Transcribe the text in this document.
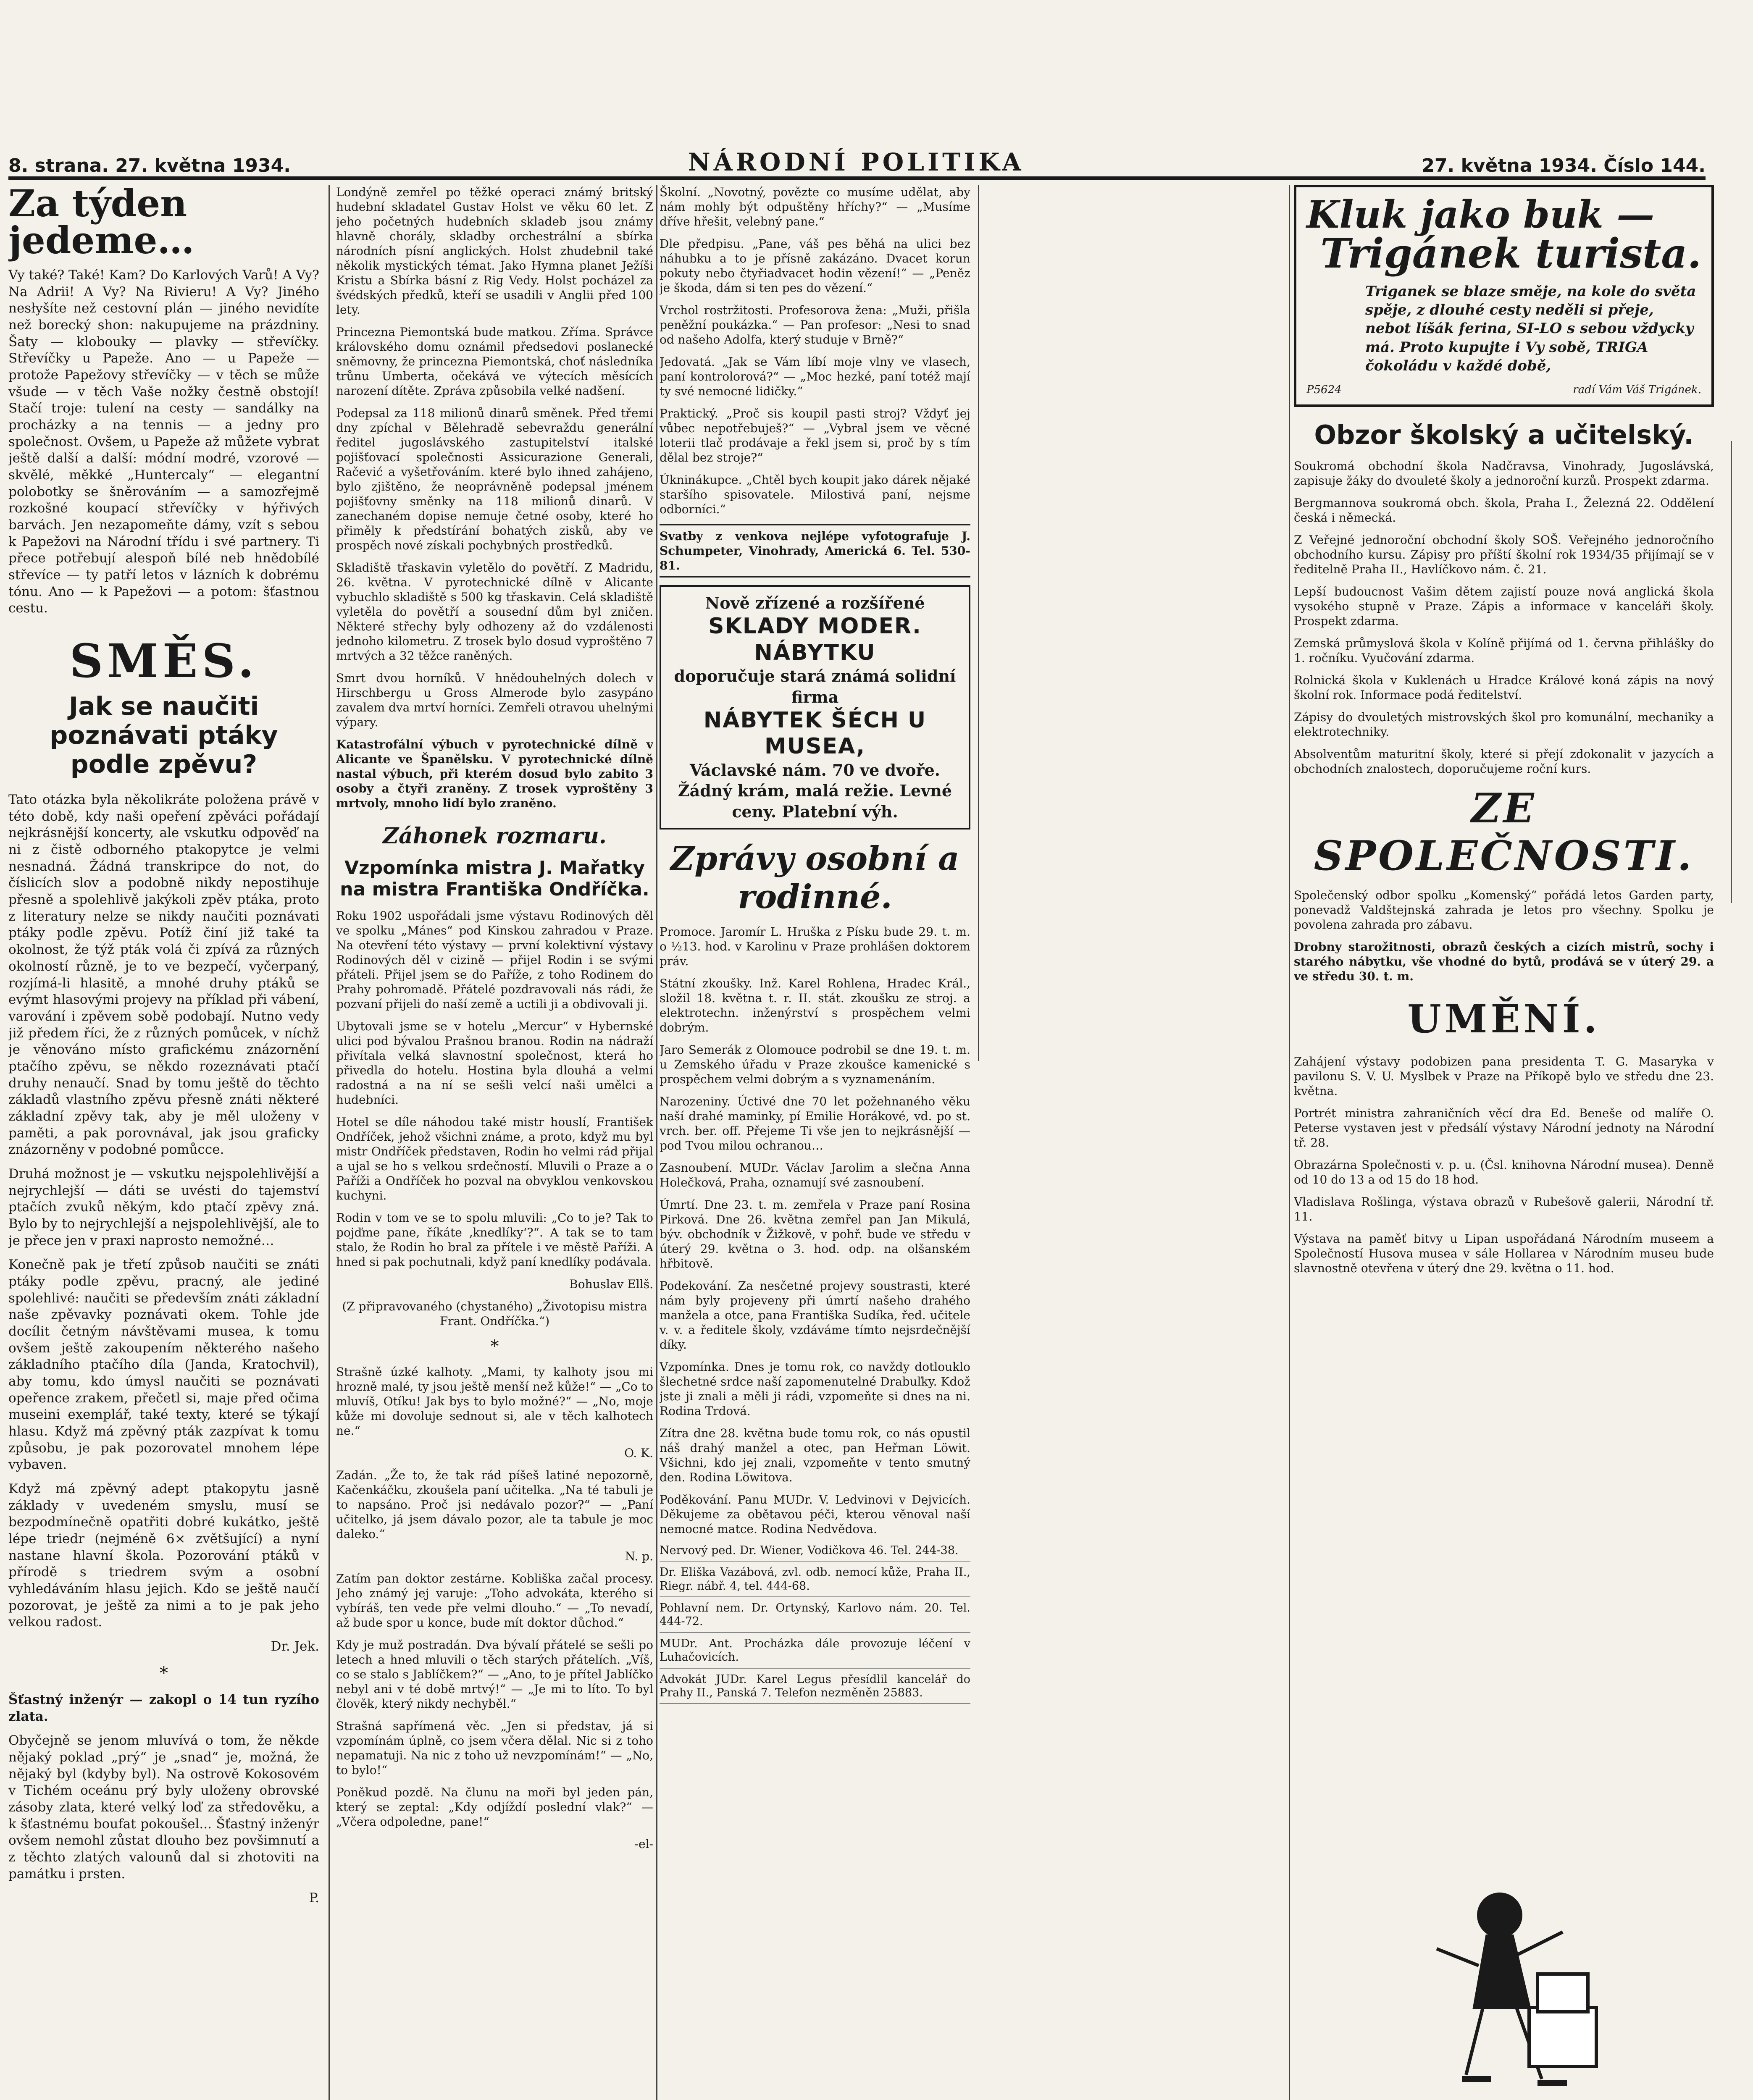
8. strana. 27. května 1934.	NÁRODNÍ POLITIKA	27. května 1934. Číslo 144.
Za týden jedeme…

Vy také? Také! Kam? Do Karlových Varů! A Vy? Na Adrii! A Vy? Na Rivieru! A Vy? Jiného nesłyšíte než cestovní plán — jiného nevidíte než borecký shon: nakupujeme na prázdniny. Šaty — klobouky — plavky — střevíčky. Střevíčky u Papeže. Ano — u Papeže — protože Papežovy střevíčky — v těch se může všude — v těch Vaše nožky čestně obstojí! Stačí troje: tulení na cesty — sandálky na procházky a na tennis — a jedny pro společnost. Ovšem, u Papeže až můžete vybrat ještě další a další: módní modré, vzorové — skvělé, měkké „Huntercaly“ — elegantní polobotky se šněrováním — a samozřejmě rozkošné koupací střevíčky v hýřivých barvách. Jen nezapomeňte dámy, vzít s sebou k Papežovi na Národní třídu i své partnery. Ti přece potřebují alespoň bílé neb hnědobílé střevíce — ty patří letos v lázních k dobrému tónu. Ano — k Papežovi — a potom: šťastnou cestu.

SMĚS.
Jak se naučiti poznávati ptáky podle zpěvu?

Tato otázka byla několikráte položena právě v této době, kdy naši opeření zpěváci pořádají nejkrásnější koncerty, ale vskutku odpověď na ni z čistě odborného ptakopytce je velmi nesnadná. Žádná transkripce do not, do číslicích slov a podobně nikdy nepostihuje přesně a spolehlivě jakýkoli zpěv ptáka, proto z literatury nelze se nikdy naučiti poznávati ptáky podle zpěvu. Potíž činí již také ta okolnost, že týž pták volá či zpívá za různých okolností různě, je to ve bezpečí, vyčerpaný, rozjímá-li hlasitě, a mnohé druhy ptáků se evýmt hlasovými projevy na příklad při vábení, varování i zpěvem sobě podobají. Nutno vedy již předem říci, že z různých pomůcek, v níchž je věnováno místo grafickému znázornění ptačího zpěvu, se někdo rozeznávati ptačí druhy nenaučí. Snad by tomu ještě do těchto základů vlastního zpěvu přesně znáti některé základní zpěvy tak, aby je měl uloženy v paměti, a pak porovnával, jak jsou graficky znázorněny v podobné pomůcce.

Druhá možnost je — vskutku nejspolehlivější a nejrychlejší — dáti se uvésti do tajemství ptačích zvuků někým, kdo ptačí zpěvy zná. Bylo by to nejrychlejší a nejspolehlivější, ale to je přece jen v praxi naprosto nemožné…

Konečně pak je třetí způsob naučiti se znáti ptáky podle zpěvu, pracný, ale jediné spolehlivé: naučiti se především znáti základní naše zpěvavky poznávati okem. Tohle jde docílit četným návštěvami musea, k tomu ovšem ještě zakoupením některého našeho základního ptačího díla (Janda, Kratochvil), aby tomu, kdo úmysl naučiti se poznávati opeřence zrakem, přečetl si, maje před očima museini exemplář, také texty, které se týkají hlasu. Když má zpěvný pták zazpívat k tomu způsobu, je pak pozorovatel mnohem lépe vybaven.

Když má zpěvný adept ptakopytu jasně základy v uvedeném smyslu, musí se bezpodmínečně opatřiti dobré kukátko, ještě lépe triedr (nejméně 6× zvětšující) a nyní nastane hlavní škola. Pozorování ptáků v přírodě s triedrem svým a osobní vyhledáváním hlasu jejich. Kdo se ještě naučí pozorovat, je ještě za nimi a to je pak jeho velkou radost.

Dr. Jek.

*

Šťastný inženýr — zakopl o 14 tun ryzího zlata.

Obyčejně se jenom mluvívá o tom, že někde nějaký poklad „prý“ je „snad“ je, možná, že nějaký byl (kdyby byl). Na ostrově Kokosovém v Tichém oceánu prý byly uloženy obrovské zásoby zlata, které velký loď za středověku, a k šťastnému boufat pokoušel... Šťastný inženýr ovšem nemohl zůstat dlouho bez povšimnutí a z těchto zlatých valounů dal si zhotoviti na památku i prsten.

P.

Londýně zemřel po těžké operaci známý britský hudební skladatel Gustav Holst ve věku 60 let. Z jeho početných hudebních skladeb jsou známy hlavně chorály, skladby orchestrální a sbírka národních písní anglických. Holst zhudebnil také několik mystických témat. Jako Hymna planet Ježíši Kristu a Sbírka básní z Rig Vedy. Holst pocházel za švédských předků, kteří se usadili v Anglii před 100 lety.

Princezna Piemontská bude matkou. Zříma. Správce královského domu oznámil předsedovi poslanecké sněmovny, že princezna Piemontská, choť následníka trůnu Umberta, očekává ve výtecích měsících narození dítěte. Zpráva způsobila velké nadšení.

Podepsal za 118 milionů dinarů směnek. Před třemi dny zpíchal v Bělehradě sebevraždu generální ředitel jugoslávského zastupitelství italské pojišťovací společnosti Assicurazione Generali, Račević a vyšetřováním. které bylo ihned zahájeno, bylo zjištěno, že neoprávněně podepsal jménem pojišťovny směnky na 118 milionů dinarů. V zanechaném dopise nemuje četné osoby, které ho přiměly k předstírání bohatých zisků, aby ve prospěch nové získali pochybných prostředků.

Skladiště třaskavin vyletělo do povětří. Z Madridu, 26. května. V pyrotechnické dílně v Alicante vybuchlo skladiště s 500 kg třaskavin. Celá skladiště vyletěla do povětří a sousední dům byl zničen. Některé střechy byly odhozeny až do vzdálenosti jednoho kilometru. Z trosek bylo dosud vyproštěno 7 mrtvých a 32 těžce raněných.

Smrt dvou horníků. V hnědouhelných dolech v Hirschbergu u Gross Almerode bylo zasypáno zavalem dva mrtví horníci. Zemřeli otravou uhelnými výpary.

Katastrofální výbuch v pyrotechnické dílně v Alicante ve Španělsku. V pyrotechnické dílně nastal výbuch, při kterém dosud bylo zabito 3 osoby a čtyři zraněny. Z trosek vyproštěny 3 mrtvoly, mnoho lidí bylo zraněno.

Záhonek rozmaru.
Vzpomínka mistra J. Mařatky na mistra Františka Ondříčka.

Roku 1902 uspořádali jsme výstavu Rodinových děl ve spolku „Mánes“ pod Kinskou zahradou v Praze. Na otevření této výstavy — první kolektivní výstavy Rodinových děl v cizině — přijel Rodin i se svými přáteli. Přijel jsem se do Paříže, z toho Rodinem do Prahy pohromadě. Přátelé pozdravovali nás rádi, že pozvaní přijeli do naší země a uctili ji a obdivovali ji.

Ubytovali jsme se v hotelu „Mercur“ v Hybernské ulici pod bývalou Prašnou branou. Rodin na nádraží přivítala velká slavnostní společnost, která ho přivedla do hotelu. Hostina byla dlouhá a velmi radostná a na ní se sešli velcí naši umělci a hudebníci.

Hotel se díle náhodou také mistr houslí, František Ondříček, jehož všichni známe, a proto, když mu byl mistr Ondříček představen, Rodin ho velmi rád přijal a ujal se ho s velkou srdečností. Mluvili o Praze a o Paříži a Ondříček ho pozval na obvyklou venkovskou kuchyni.

Rodin v tom ve se to spolu mluvili: „Co to je? Tak to pojďme pane, říkáte ‚knedlíky‘?“. A tak se to tam stalo, že Rodin ho bral za přítele i ve městě Paříži. A hned si pak pochutnali, když paní knedlíky podávala.

Bohuslav Ellš.

(Z připravovaného (chystaného) „Životopisu mistra Frant. Ondříčka.“)

*

Strašně úzké kalhoty. „Mami, ty kalhoty jsou mi hrozně malé, ty jsou ještě menší než kůže!“ — „Co to mluvíš, Otíku! Jak bys to bylo možné?“ — „No, moje kůže mi dovoluje sednout si, ale v těch kalhotech ne.“

O. K.

Zadán. „Že to, že tak rád píšeš latiné nepozorně, Kačenkáčku, zkoušela paní učitelka. „Na té tabuli je to napsáno. Proč jsi nedávalo pozor?“ — „Paní učitelko, já jsem dávalo pozor, ale ta tabule je moc daleko.“

N. p.

Zatím pan doktor zestárne. Kobliška začal procesy. Jeho známý jej varuje: „Toho advokáta, kterého si vybíráš, ten vede pře velmi dlouho.“ — „To nevadí, až bude spor u konce, bude mít doktor důchod.“

Kdy je muž postradán. Dva bývalí přátelé se sešli po letech a hned mluvili o těch starých přátelích. „Víš, co se stalo s Jablíčkem?“ — „Ano, to je přítel Jablíčko nebyl ani v té době mrtvý!“ — „Je mi to líto. To byl člověk, který nikdy nechyběl.“

Strašná sapřímená věc. „Jen si představ, já si vzpomínám úplně, co jsem včera dělal. Nic si z toho nepamatuji. Na nic z toho už nevzpomínám!“ — „No, to bylo!“

Poněkud pozdě. Na člunu na moři byl jeden pán, který se zeptal: „Kdy odjíždí poslední vlak?“ — „Včera odpoledne, pane!“

-el-

Školní. „Novotný, povězte co musíme udělat, aby nám mohly být odpuštěny hříchy?“ — „Musíme dříve hřešit, velebný pane.“

Dle předpisu. „Pane, váš pes běhá na ulici bez náhubku a to je přísně zakázáno. Dvacet korun pokuty nebo čtyřiadvacet hodin vězení!“ — „Peněz je škoda, dám si ten pes do vězení.“

Vrchol rostržitosti. Profesorova žena: „Muži, přišla peněžní poukázka.“ — Pan profesor: „Nesi to snad od našeho Adolfa, který studuje v Brně?“

Jedovatá. „Jak se Vám líbí moje vlny ve vlasech, paní kontrolorová?“ — „Moc hezké, paní totéž mají ty své nemocné lidičky.“

Praktický. „Proč sis koupil pasti stroj? Vždyť jej vůbec nepotřebuješ?“ — „Vybral jsem ve věcné loterii tlač prodávaje a řekl jsem si, proč by s tím dělal bez stroje?“

Úkninákupce. „Chtěl bych koupit jako dárek nějaké staršího spisovatele. Milostivá paní, nejsme odborníci.“

Svatby z venkova nejlépe vyfotografuje J. Schumpeter, Vinohrady, Americká 6. Tel. 530-81.

Nově zřízené a rozšířené
SKLADY MODER. NÁBYTKU
doporučuje stará známá solidní firma
NÁBYTEK ŠÉCH U MUSEA,
Václavské nám. 70 ve dvoře. Žádný krám, malá režie. Levné ceny. Platební výh.
Zprávy osobní a rodinné.

Promoce. Jaromír L. Hruška z Písku bude 29. t. m. o ½13. hod. v Karolinu v Praze prohlášen doktorem práv.

Státní zkoušky. Inž. Karel Rohlena, Hradec Král., složil 18. května t. r. II. stát. zkoušku ze stroj. a elektrotechn. inženýrství s prospěchem velmi dobrým.

Jaro Semerák z Olomouce podrobil se dne 19. t. m. u Zemského úřadu v Praze zkoušce kamenické s prospěchem velmi dobrým a s vyznamenáním.

Narozeniny. Úctivé dne 70 let požehnaného věku naší drahé maminky, pí Emilie Horákové, vd. po st. vrch. ber. off. Přejeme Ti vše jen to nejkrásnější — pod Tvou milou ochranou…

Zasnoubení. MUDr. Václav Jarolim a slečna Anna Holečková, Praha, oznamují své zasnoubení.

Úmrtí. Dne 23. t. m. zemřela v Praze paní Rosina Pirková. Dne 26. května zemřel pan Jan Mikulá, býv. obchodník v Žižkově, v pohř. bude ve středu v úterý 29. května o 3. hod. odp. na olšanském hřbitově.

Podekování. Za nesčetné projevy soustrasti, které nám byly projeveny při úmrtí našeho drahého manžela a otce, pana Františka Sudíka, řed. učitele v. v. a ředitele školy, vzdáváme tímto nejsrdečnější díky.

Vzpomínka. Dnes je tomu rok, co navždy dotlouklo šlechetné srdce naší zapomenutelné Drabuľky. Kdož jste ji znali a měli ji rádi, vzpomeňte si dnes na ni. Rodina Trdová.

Zítra dne 28. května bude tomu rok, co nás opustil náš drahý manžel a otec, pan Heřman Löwit. Všichni, kdo jej znali, vzpomeňte v tento smutný den. Rodina Löwitova.

Poděkování. Panu MUDr. V. Ledvinovi v Dejvicích. Děkujeme za obětavou péči, kterou věnoval naší nemocné matce. Rodina Nedvědova.

Nervový ped. Dr. Wiener, Vodičkova 46. Tel. 244-38.

Dr. Eliška Vazábová, zvl. odb. nemocí kůže, Praha II., Riegr. nábř. 4, tel. 444-68.

Pohlavní nem. Dr. Ortynský, Karlovo nám. 20. Tel. 444-72.

MUDr. Ant. Procházka dále provozuje léčení v Luhačovicích.

Advokát JUDr. Karel Legus přesídlil kancelář do Prahy II., Panská 7. Telefon nezměněn 25883.

Kluk jako buk —
Trigánek turista.
Triganek se blaze směje, na kole do světa spěje, z dlouhé cesty neděli si přeje, nebot líšák ferina, SI-LO s sebou vždycky má. Proto kupujte i Vy sobě, TRIGA čokoládu v každé době,
P5624	radí Vám Váš Trigánek.
Obzor školský a učitelský.

Soukromá obchodní škola Nadčravsa, Vinohrady, Jugoslávská, zapisuje žáky do dvouleté školy a jednoroční kurzů. Prospekt zdarma.

Bergmannova soukromá obch. škola, Praha I., Železná 22. Oddělení česká i německá.

Z Veřejné jednoroční obchodní školy SOŠ. Veřejného jednoročního obchodního kursu. Zápisy pro příští školní rok 1934/35 přijímají se v ředitelně Praha II., Havlíčkovo nám. č. 21.

Lepší budoucnost Vašim dětem zajistí pouze nová anglická škola vysokého stupně v Praze. Zápis a informace v kanceláři školy. Prospekt zdarma.

Zemská průmyslová škola v Kolíně přijímá od 1. června přihlášky do 1. ročníku. Vyučování zdarma.

Rolnická škola v Kuklenách u Hradce Králové koná zápis na nový školní rok. Informace podá ředitelství.

Zápisy do dvouletých mistrovských škol pro komunální, mechaniky a elektrotechniky.

Absolventům maturitní školy, které si přejí zdokonalit v jazycích a obchodních znalostech, doporučujeme roční kurs.

ZE SPOLEČNOSTI.

Společenský odbor spolku „Komenský“ pořádá letos Garden party, ponevadž Valdštejnská zahrada je letos pro všechny. Spolku je povolena zahrada pro zábavu.

Drobny starožitnosti, obrazů českých a cizích mistrů, sochy i starého nábytku, vše vhodné do bytů, prodává se v úterý 29. a ve středu 30. t. m.

UMĚNÍ.

Zahájení výstavy podobizen pana presidenta T. G. Masaryka v pavilonu S. V. U. Myslbek v Praze na Příkopě bylo ve středu dne 23. května.

Portrét ministra zahraničních věcí dra Ed. Beneše od malíře O. Peterse vystaven jest v předsálí výstavy Národní jednoty na Národní tř. 28.

Obrazárna Společnosti v. p. u. (Čsl. knihovna Národní musea). Denně od 10 do 13 a od 15 do 18 hod.

Vladislava Rošlinga, výstava obrazů v Rubešově galerii, Národní tř. 11.

Výstava na paměť bitvy u Lipan uspořádaná Národním museem a Společností Husova musea v sále Hollarea v Národním museu bude slavnostně otevřena v úterý dne 29. května o 11. hod.
